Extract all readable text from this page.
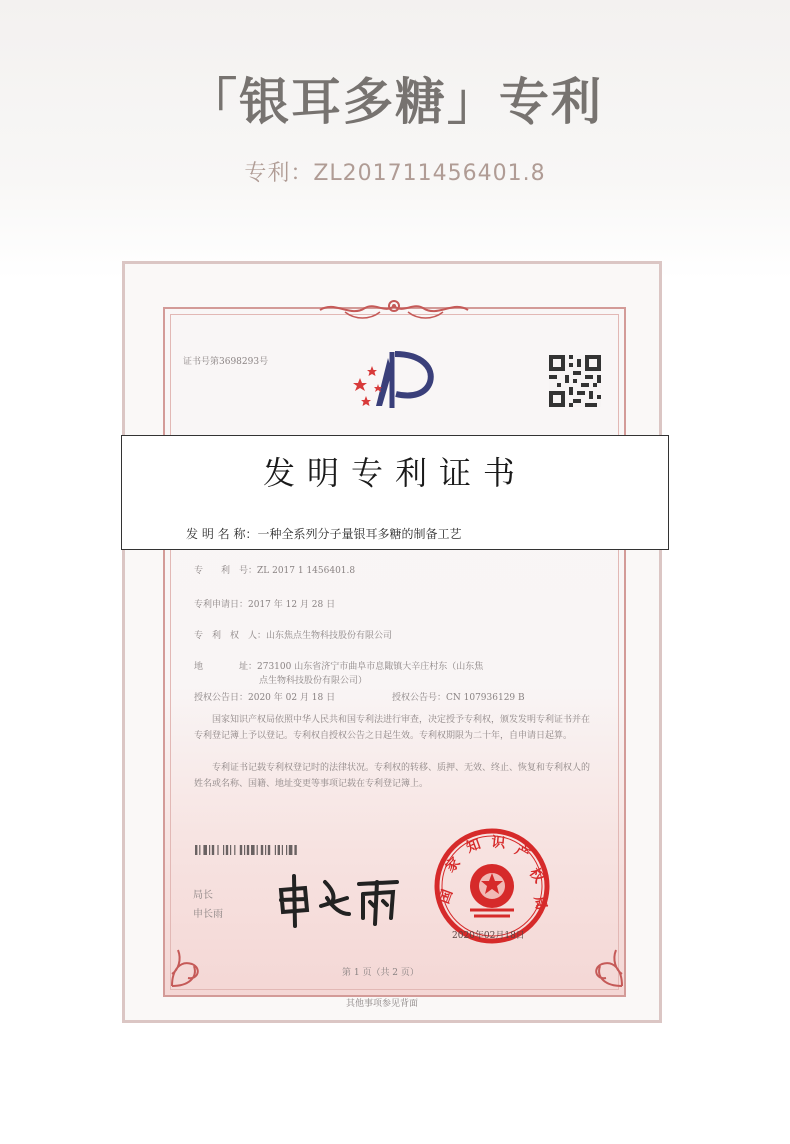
「银耳多糖」专利
专利：ZL201711456401.8
证书号第3698293号
发明专利证书
发 明 名 称：一种全系列分子量银耳多糖的制备工艺
专　　利　号：ZL 2017 1 1456401.8
专利申请日：2017 年 12 月 28 日
专　利　权　人：山东焦点生物科技股份有限公司
地　　　　址：273100 山东省济宁市曲阜市息陬镇大辛庄村东（山东焦
点生物科技股份有限公司）
授权公告日：2020 年 02 月 18 日	授权公告号：CN 107936129 B
国家知识产权局依照中华人民共和国专利法进行审查，决定授予专利权，颁发发明专利证书并在专利登记簿上予以登记。专利权自授权公告之日起生效。专利权期限为二十年，自申请日起算。
专利证书记载专利权登记时的法律状况。专利权的转移、质押、无效、终止、恢复和专利权人的姓名或名称、国籍、地址变更等事项记载在专利登记簿上。
局长
申长雨
国
家
知 识 产
权
局
2020年02月18日
第 1 页（共 2 页）
其他事项参见背面
